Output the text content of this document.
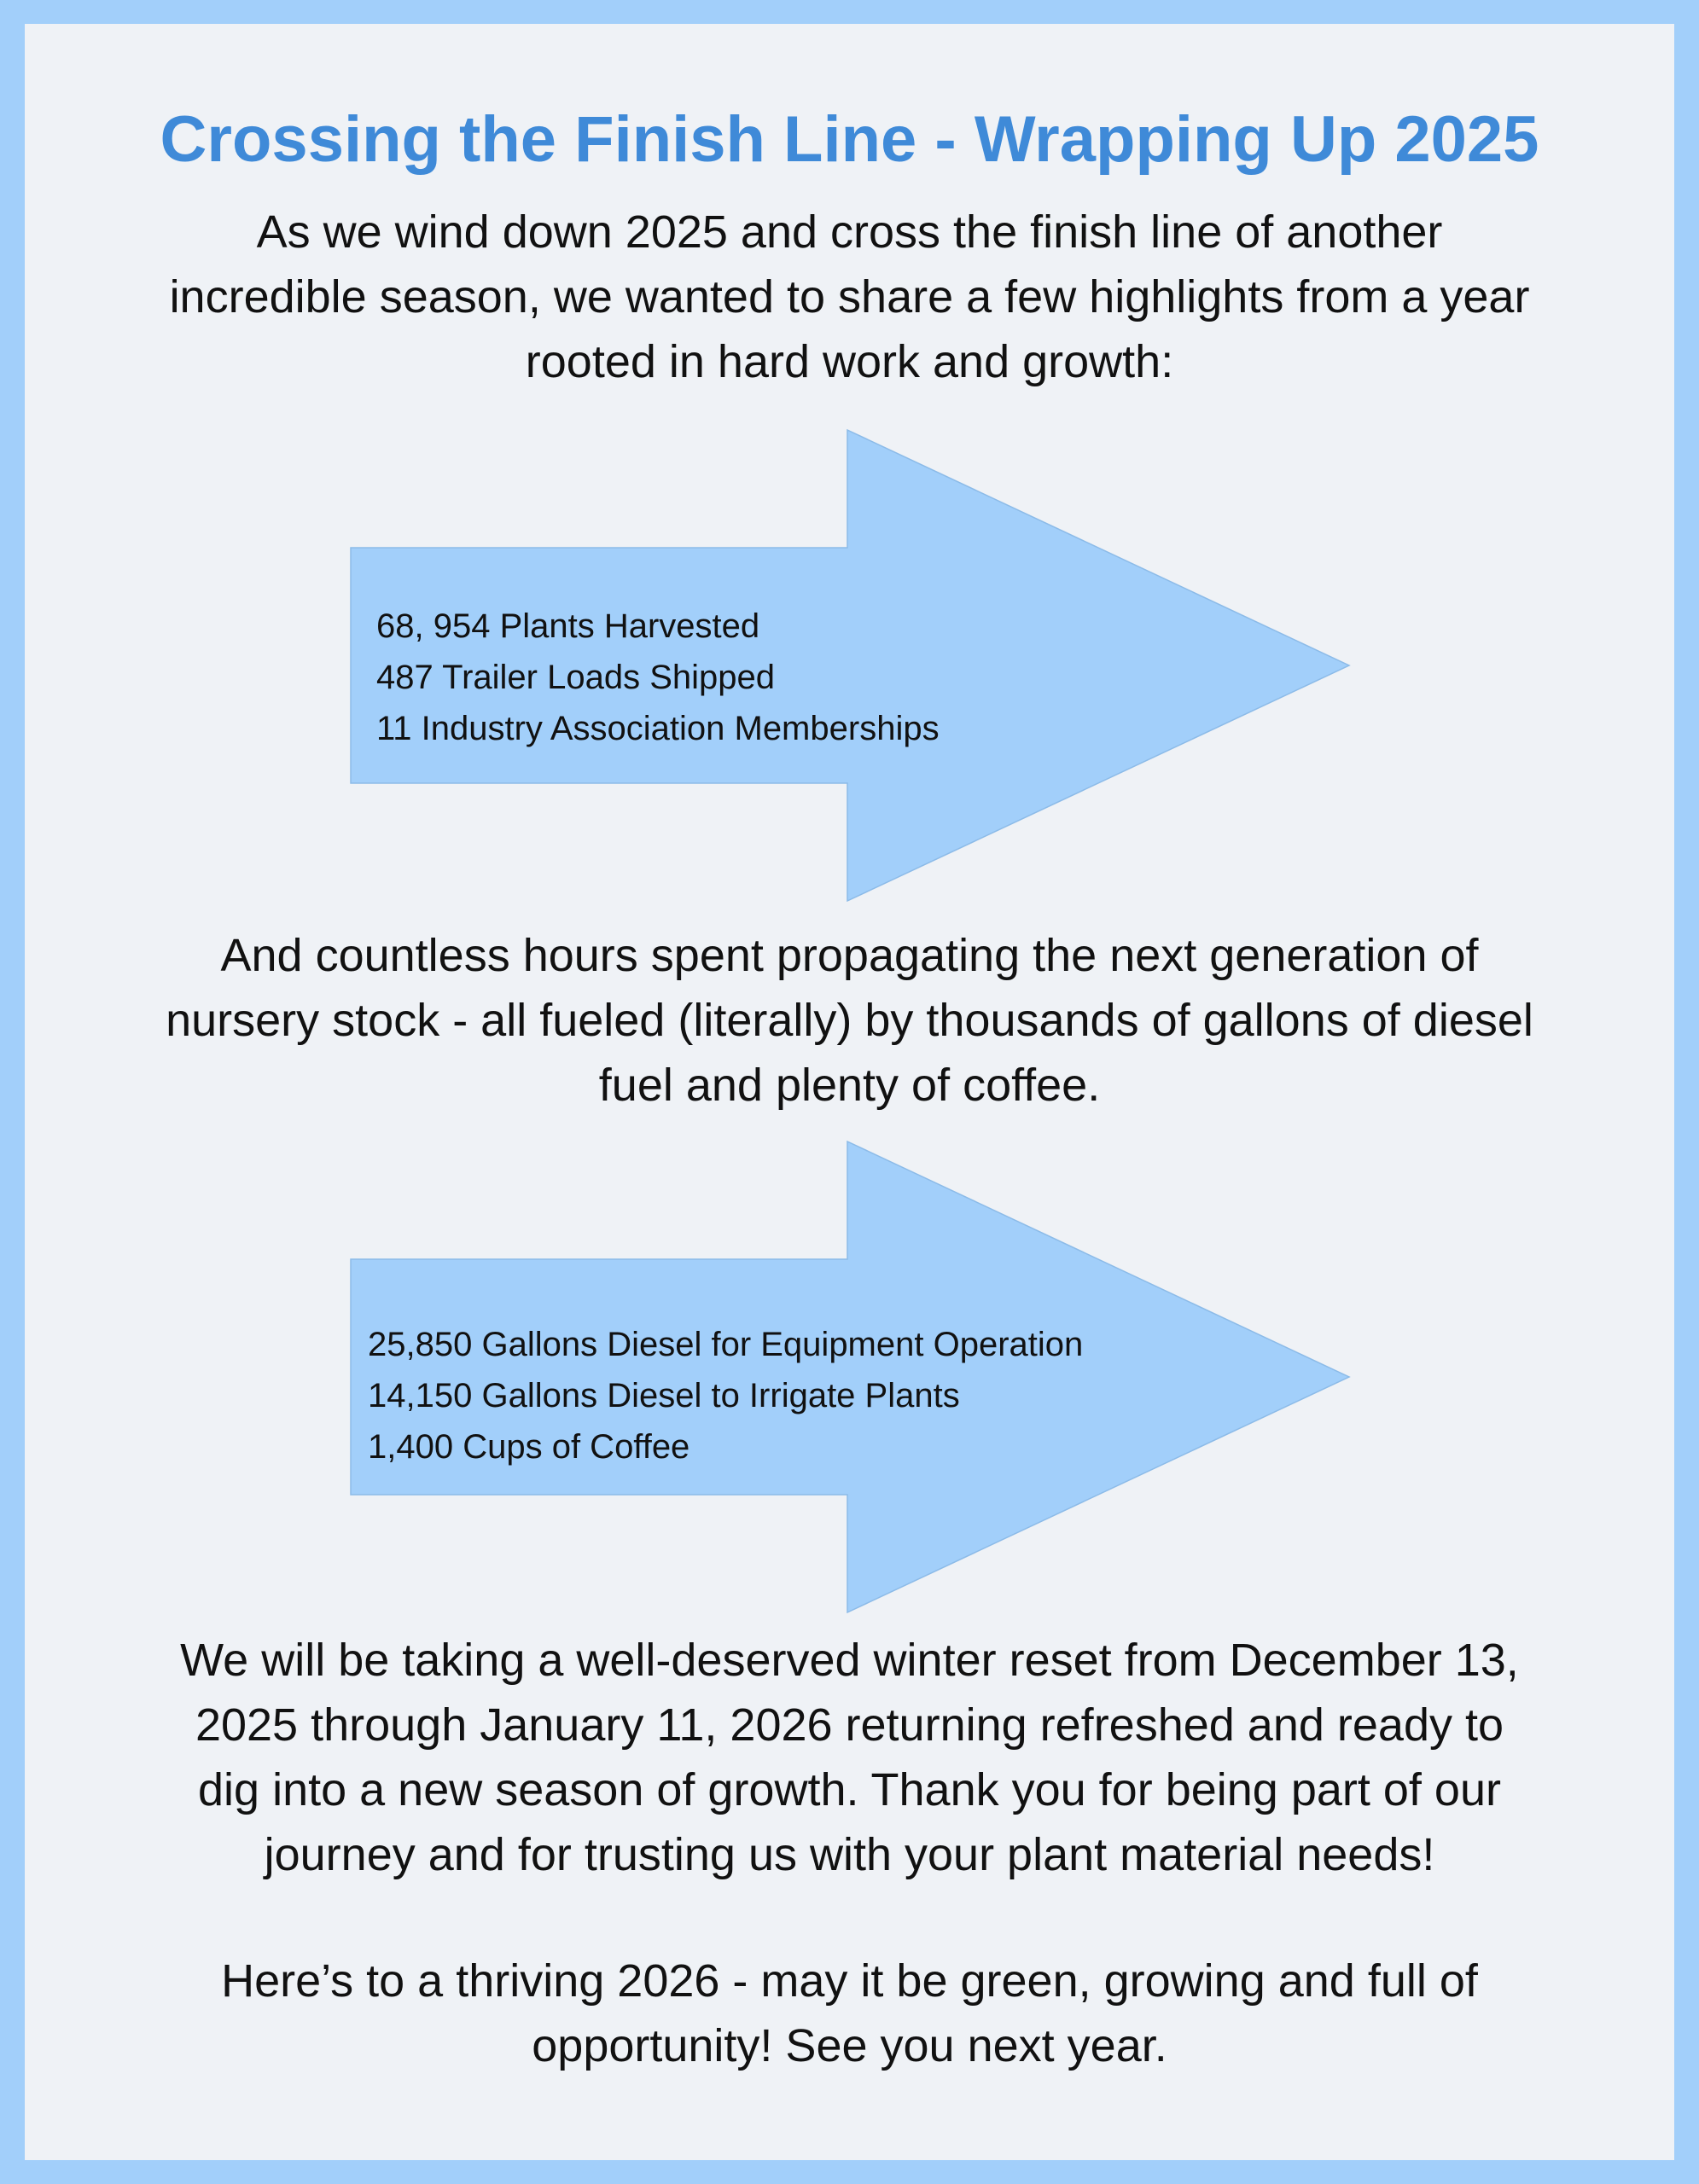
Crossing the Finish Line - Wrapping Up 2025

As we wind down 2025 and cross the finish line of another
incredible season, we wanted to share a few highlights from a year
rooted in hard work and growth:

68, 954 Plants Harvested
487 Trailer Loads Shipped
11 Industry Association Memberships

And countless hours spent propagating the next generation of
nursery stock - all fueled (literally) by thousands of gallons of diesel
fuel and plenty of coffee.

25,850 Gallons Diesel for Equipment Operation
14,150 Gallons Diesel to Irrigate Plants
1,400 Cups of Coffee

We will be taking a well-deserved winter reset from December 13,
2025 through January 11, 2026 returning refreshed and ready to
dig into a new season of growth. Thank you for being part of our
journey and for trusting us with your plant material needs!

Here’s to a thriving 2026 - may it be green, growing and full of
opportunity! See you next year.
